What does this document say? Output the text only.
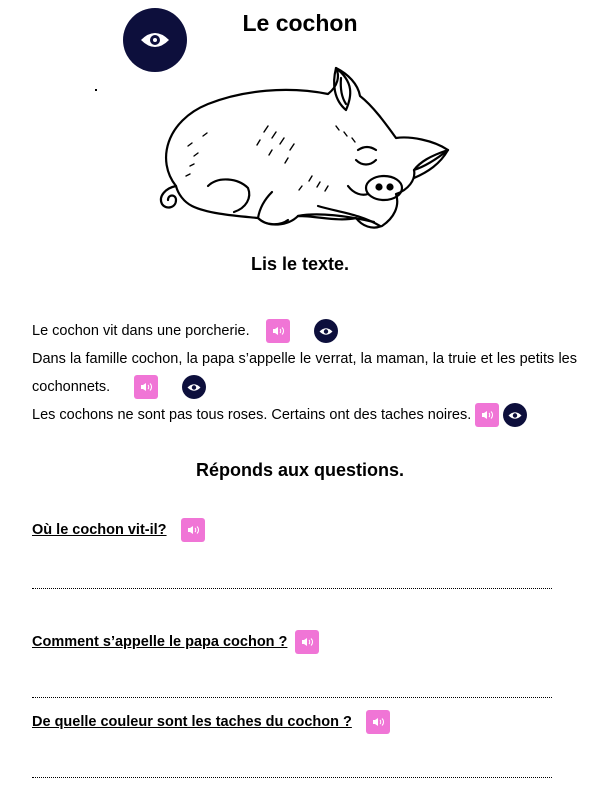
Le cochon
Lis le texte.

Le cochon vit dans une porcherie.

Dans la famille cochon, la papa s’appelle le verrat, la maman, la truie et les petits les cochonnets.

Les cochons ne sont pas tous roses. Certains ont des taches noires.

Réponds aux questions.
Où le cochon vit-il?
Comment s’appelle le papa cochon ?
De quelle couleur sont les taches du cochon ?
